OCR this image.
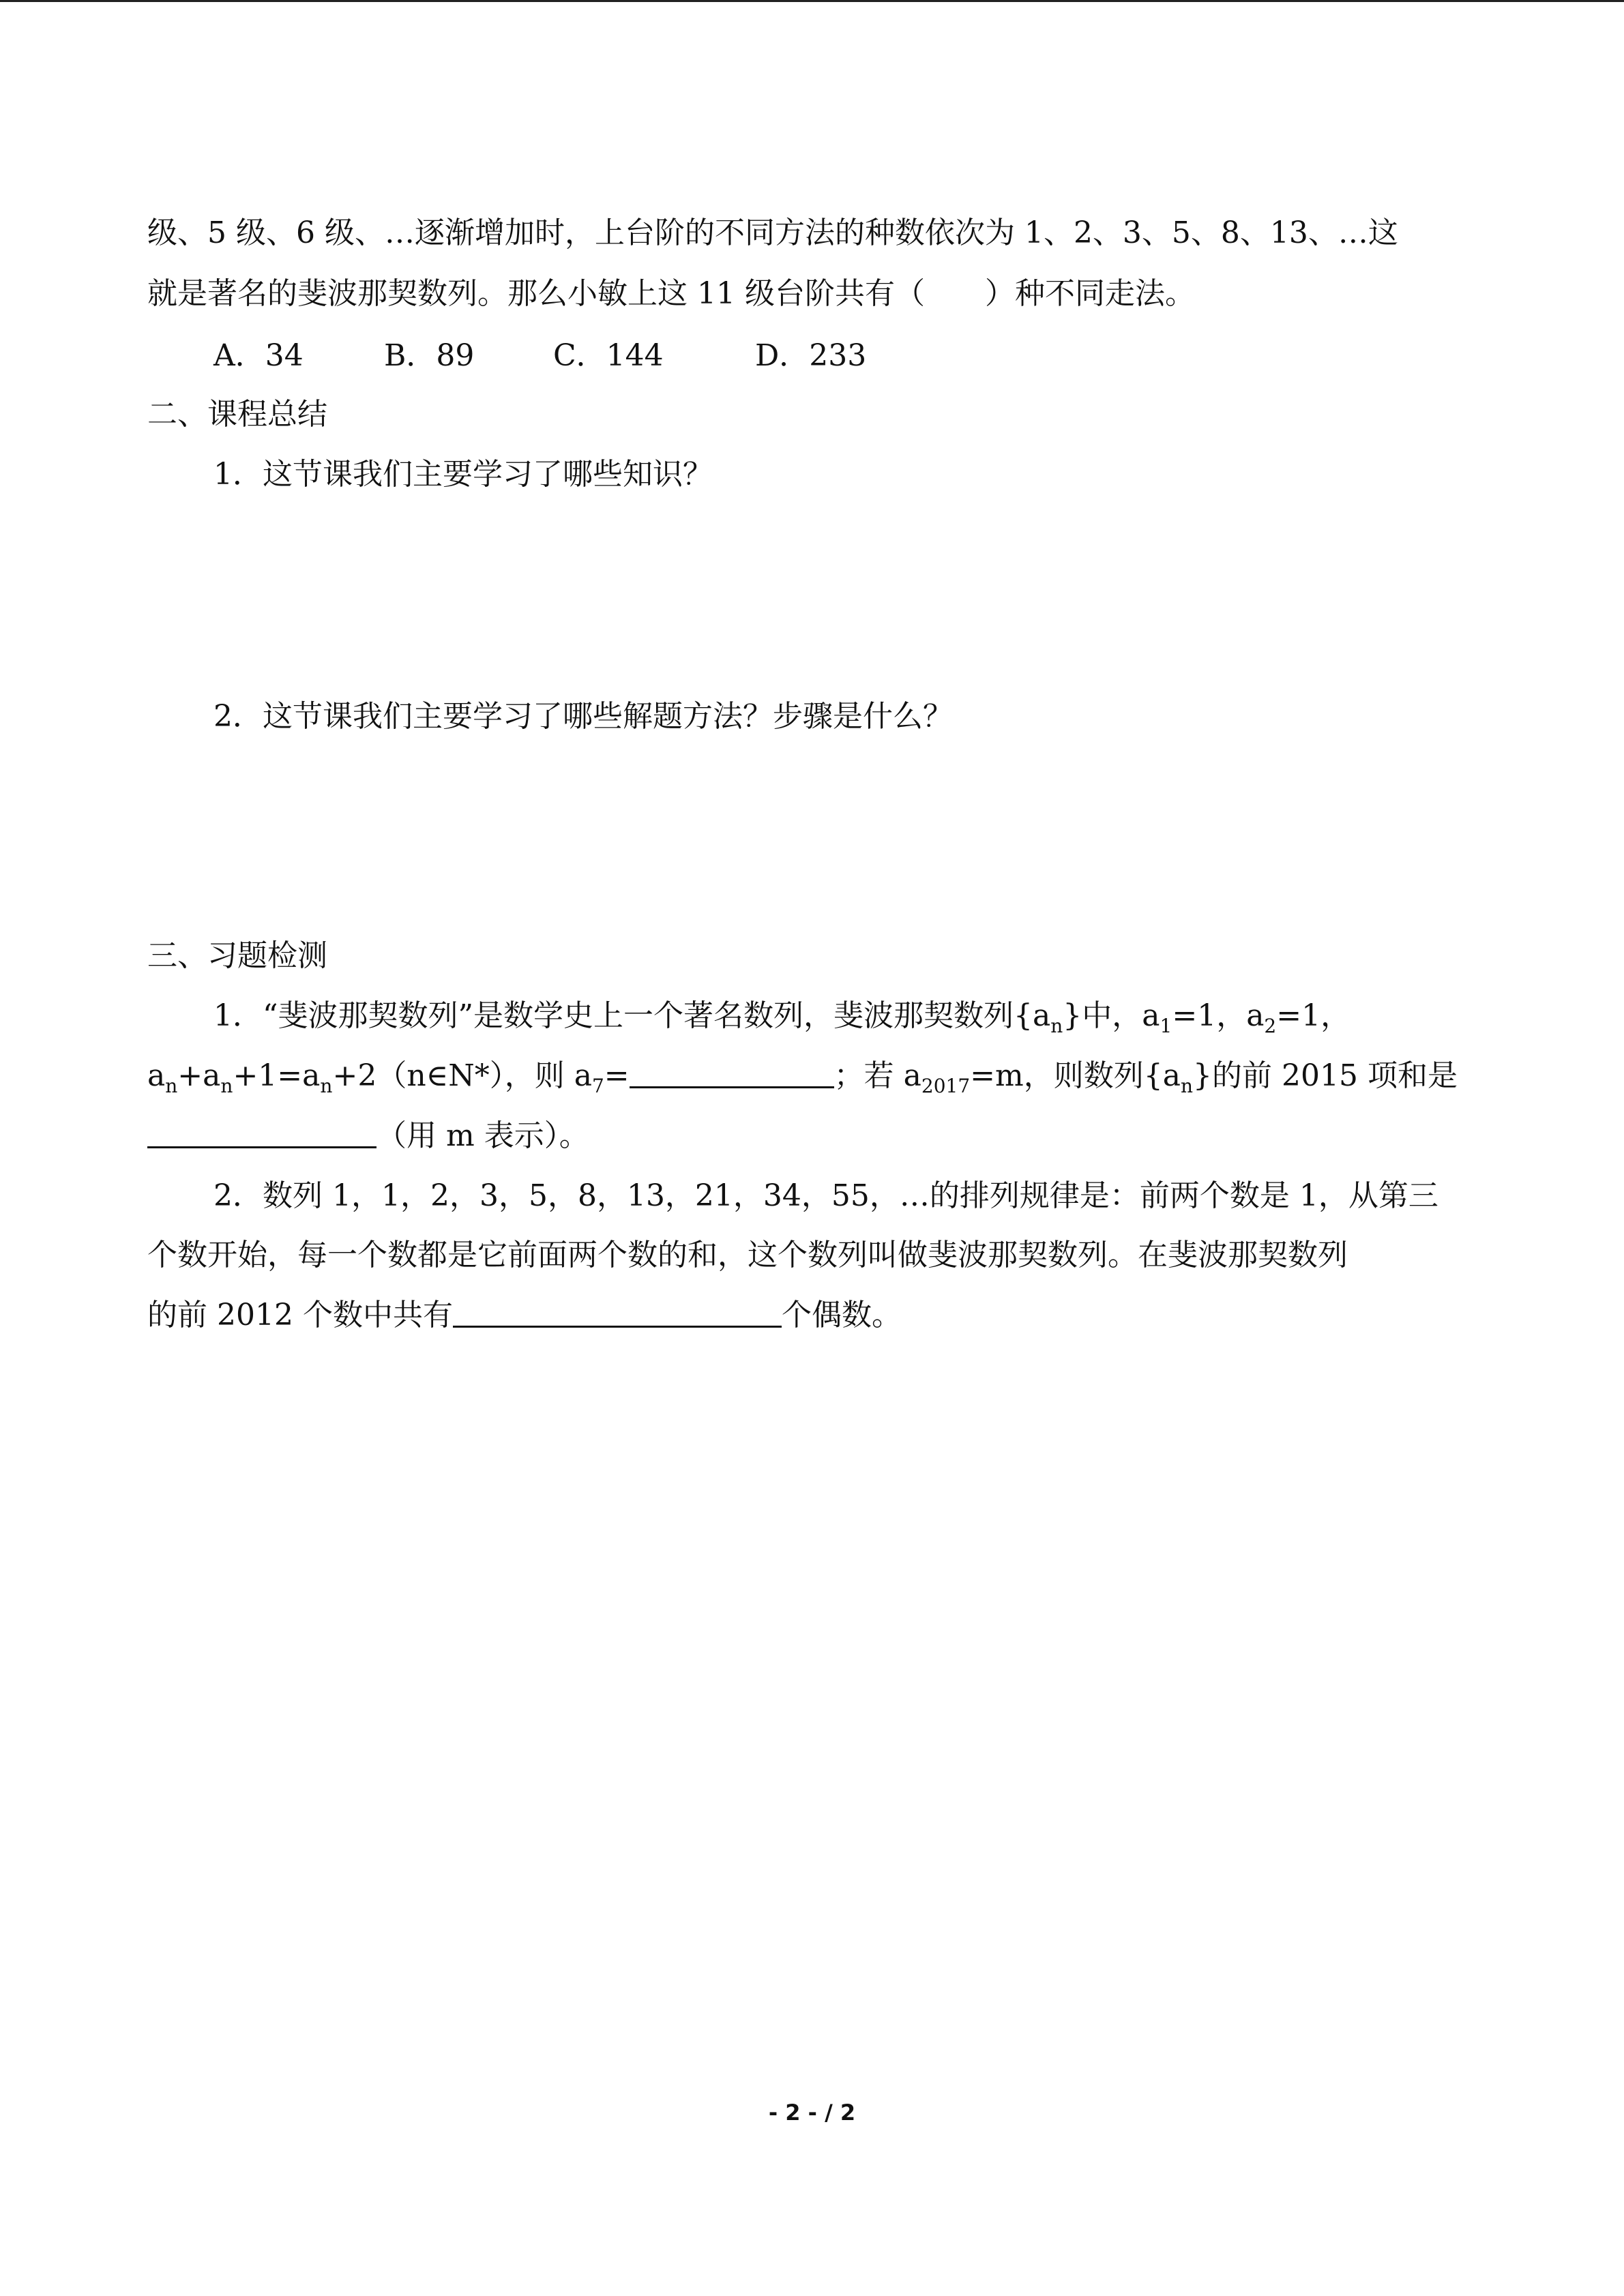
级、5 级、6 级、…逐渐增加时，上台阶的不同方法的种数依次为 1、2、3、5、8、13、…这
就是著名的斐波那契数列。那么小敏上这 11 级台阶共有（ ）种不同走法。
A．34	B．89	C．144	D．233
二、课程总结
1．这节课我们主要学习了哪些知识？
2．这节课我们主要学习了哪些解题方法？步骤是什么？
三、习题检测
1．“斐波那契数列”是数学史上一个著名数列，斐波那契数列$\{a_n\}$中，$a_1=1$，$a_2=1$，
$a_n+a_n+1=a_n+2(n\in N*)$，则 $a_7=$	；若 $a_{2017}=m$，则数列$\{a_n\}$的前 2015 项和是
（用 m 表示）。
2．数列 1，1，2，3，5，8，13，21，34，55，…的排列规律是：前两个数是 1，从第三
个数开始，每一个数都是它前面两个数的和，这个数列叫做斐波那契数列。在斐波那契数列
的前 2012 个数中共有	个偶数。
- 2 - / 2
